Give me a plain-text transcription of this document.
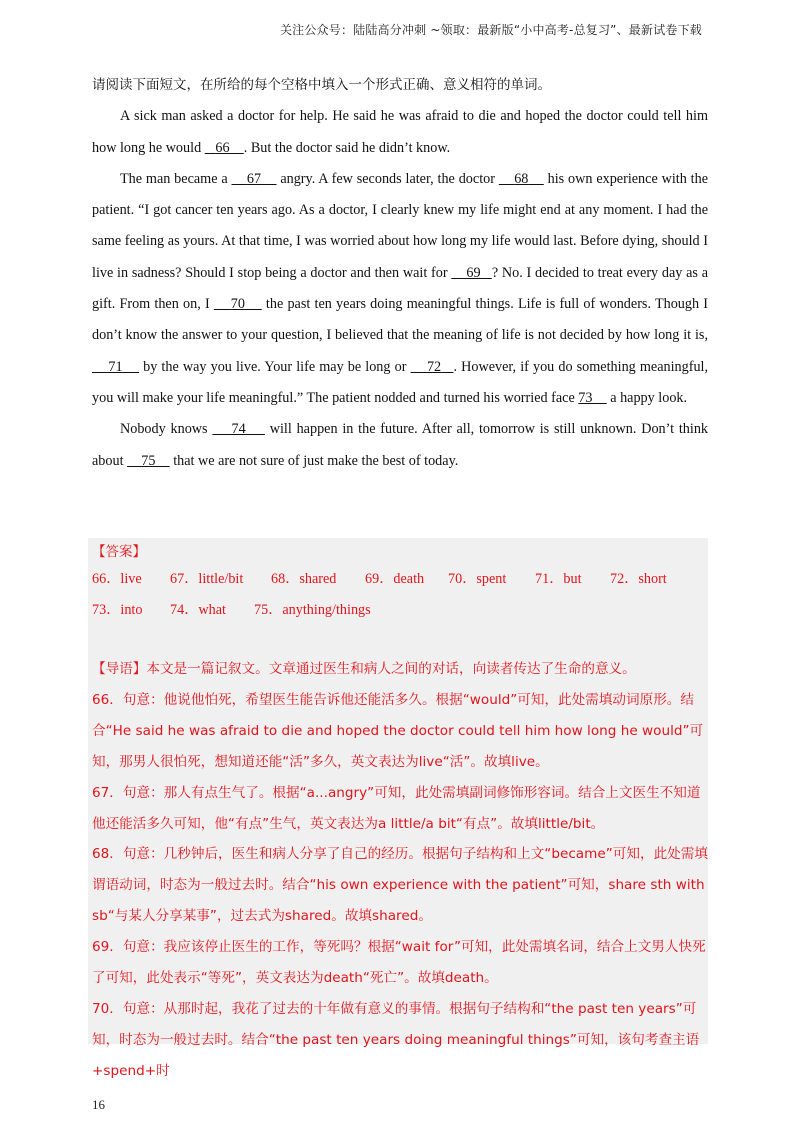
关注公众号：陆陆高分冲刺 ~领取：最新版“小中高考-总复习”、最新试卷下载

请阅读下面短文，在所给的每个空格中填入一个形式正确、意义相符的单词。

A sick man asked a doctor for help. He said he was afraid to die and hoped the doctor could tell him how long he would    66 . But the doctor said he didn’t know.

The man became a     67     angry. A few seconds later, the doctor     68     his own experience with the patient. “I got cancer ten years ago. As a doctor, I clearly knew my life might end at any moment. I had the same feeling as yours. At that time, I was worried about how long my life would last. Before dying, should I live in sadness? Should I stop being a doctor and then wait for     69 ? No. I decided to treat every day as a gift. From then on, I     70     the past ten years doing meaningful things. Life is full of wonders. Though I don’t know the answer to your question, I believed that the meaning of life is not decided by how long it is,     71     by the way you live. Your life may be long or     72 . However, if you do something meaningful, you will make your life meaningful.” The patient nodded and turned his worried face 73     a happy look.

Nobody knows     74     will happen in the future. After all, tomorrow is still unknown. Don’t think about     75     that we are not sure of just make the best of today.

【答案】
66．live 67．little/bit 68．shared 69．death 70．spent 71．but 72．short
73．into 74．what 75．anything/things

【导语】本文是一篇记叙文。文章通过医生和病人之间的对话，向读者传达了生命的意义。

66．句意：他说他怕死，希望医生能告诉他还能活多久。根据“would”可知，此处需填动词原形。结合“He said he was afraid to die and hoped the doctor could tell him how long he would”可知，那男人很怕死，想知道还能“活”多久，英文表达为live“活”。故填live。

67．句意：那人有点生气了。根据“a...angry”可知，此处需填副词修饰形容词。结合上文医生不知道他还能活多久可知，他“有点”生气，英文表达为a little/a bit“有点”。故填little/bit。

68．句意：几秒钟后，医生和病人分享了自己的经历。根据句子结构和上文“became”可知，此处需填谓语动词，时态为一般过去时。结合“his own experience with the patient”可知，share sth with sb“与某人分享某事”，过去式为shared。故填shared。

69．句意：我应该停止医生的工作，等死吗？根据“wait for”可知，此处需填名词，结合上文男人快死了可知，此处表示“等死”，英文表达为death“死亡”。故填death。

70．句意：从那时起，我花了过去的十年做有意义的事情。根据句子结构和“the past ten years”可知，时态为一般过去时。结合“the past ten years doing meaningful things”可知，该句考查主语+spend+时

16
